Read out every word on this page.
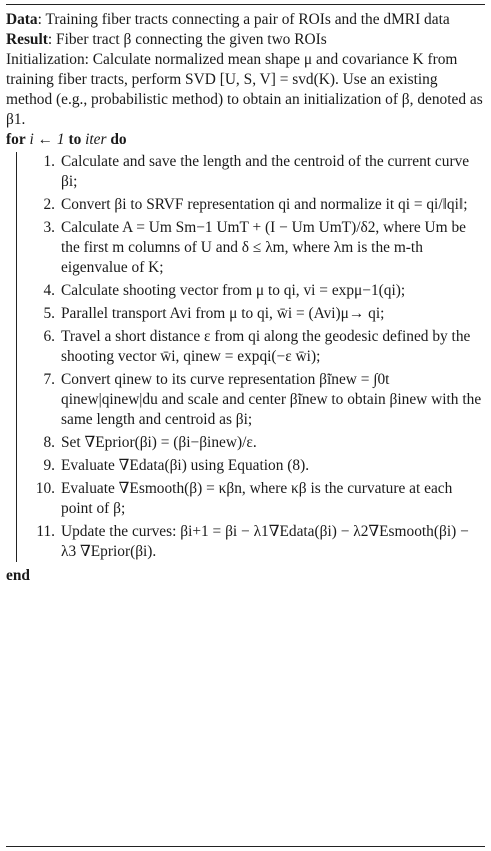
Data: Training fiber tracts connecting a pair of ROIs and the dMRI data

Result: Fiber tract β connecting the given two ROIs

Initialization: Calculate normalized mean shape μ and covariance K from training fiber tracts, perform SVD [U, S, V] = svd(K). Use an existing method (e.g., probabilistic method) to obtain an initialization of β, denoted as β1.

for i ← 1 to iter do

1. Calculate and save the length and the centroid of the current curve βi;
2. Convert βi to SRVF representation qi and normalize it qi = qi/‖qi‖;
3. Calculate A = Um Sm−1 UmT + (I − Um UmT)/δ2, where Um be the first m columns of U and δ ≤ λm, where λm is the m-th eigenvalue of K;
4. Calculate shooting vector from μ to qi, vi = expμ−1(qi);
5. Parallel transport Avi from μ to qi, w̄i = (Avi)μ→ qi;
6. Travel a short distance ε from qi along the geodesic defined by the shooting vector w̄i, qinew = expqi(−ε w̄i);
7. Convert qinew to its curve representation β̃inew = ∫0t qinew|qinew|du and scale and center β̃inew to obtain βinew with the same length and centroid as βi;
8. Set ∇Eprior(βi) = (βi−βinew)/ε.
9. Evaluate ∇Edata(βi) using Equation (8).
10. Evaluate ∇Esmooth(β) = κβn, where κβ is the curvature at each point of β;
11. Update the curves: βi+1 = βi − λ1∇Edata(βi) − λ2∇Esmooth(βi) − λ3 ∇Eprior(βi).

end
